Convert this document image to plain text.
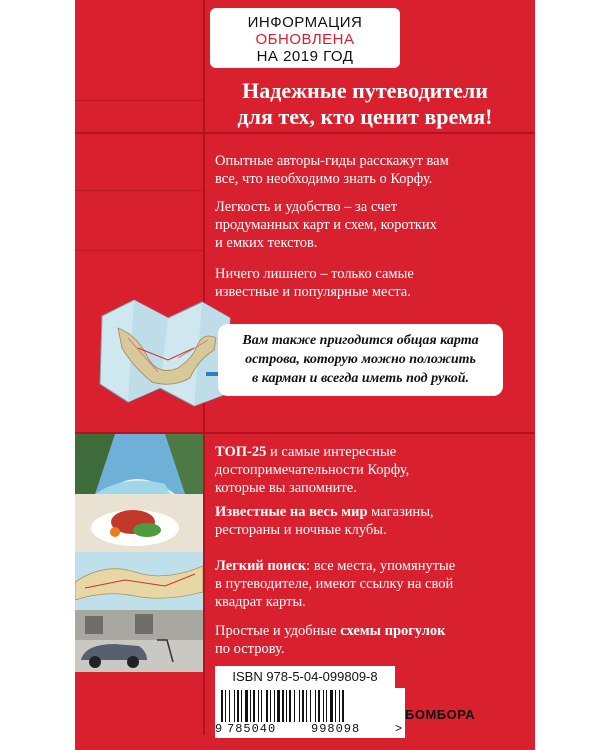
ИНФОРМАЦИЯ
ОБНОВЛЕНА
НА 2019 ГОД
Надежные путеводители
для тех, кто ценит время!
Опытные авторы-гиды расскажут вам
все, что необходимо знать о Корфу.
Легкость и удобство – за счет
продуманных карт и схем, коротких
и емких текстов.
Ничего лишнего – только самые
известные и популярные места.
Вам также пригодится общая карта
острова, которую можно положить
в карман и всегда иметь под рукой.
ТОП-25 и самые интересные
достопримечательности Корфу,
которые вы запомните.
Известные на весь мир магазины,
рестораны и ночные клубы.
Легкий поиск: все места, упомянутые
в путеводителе, имеют ссылку на свой
квадрат карты.
Простые и удобные схемы прогулок
по острову.
ISBN 978-5-04-099809-8
9 785040	998098	>
БОМБОРА
